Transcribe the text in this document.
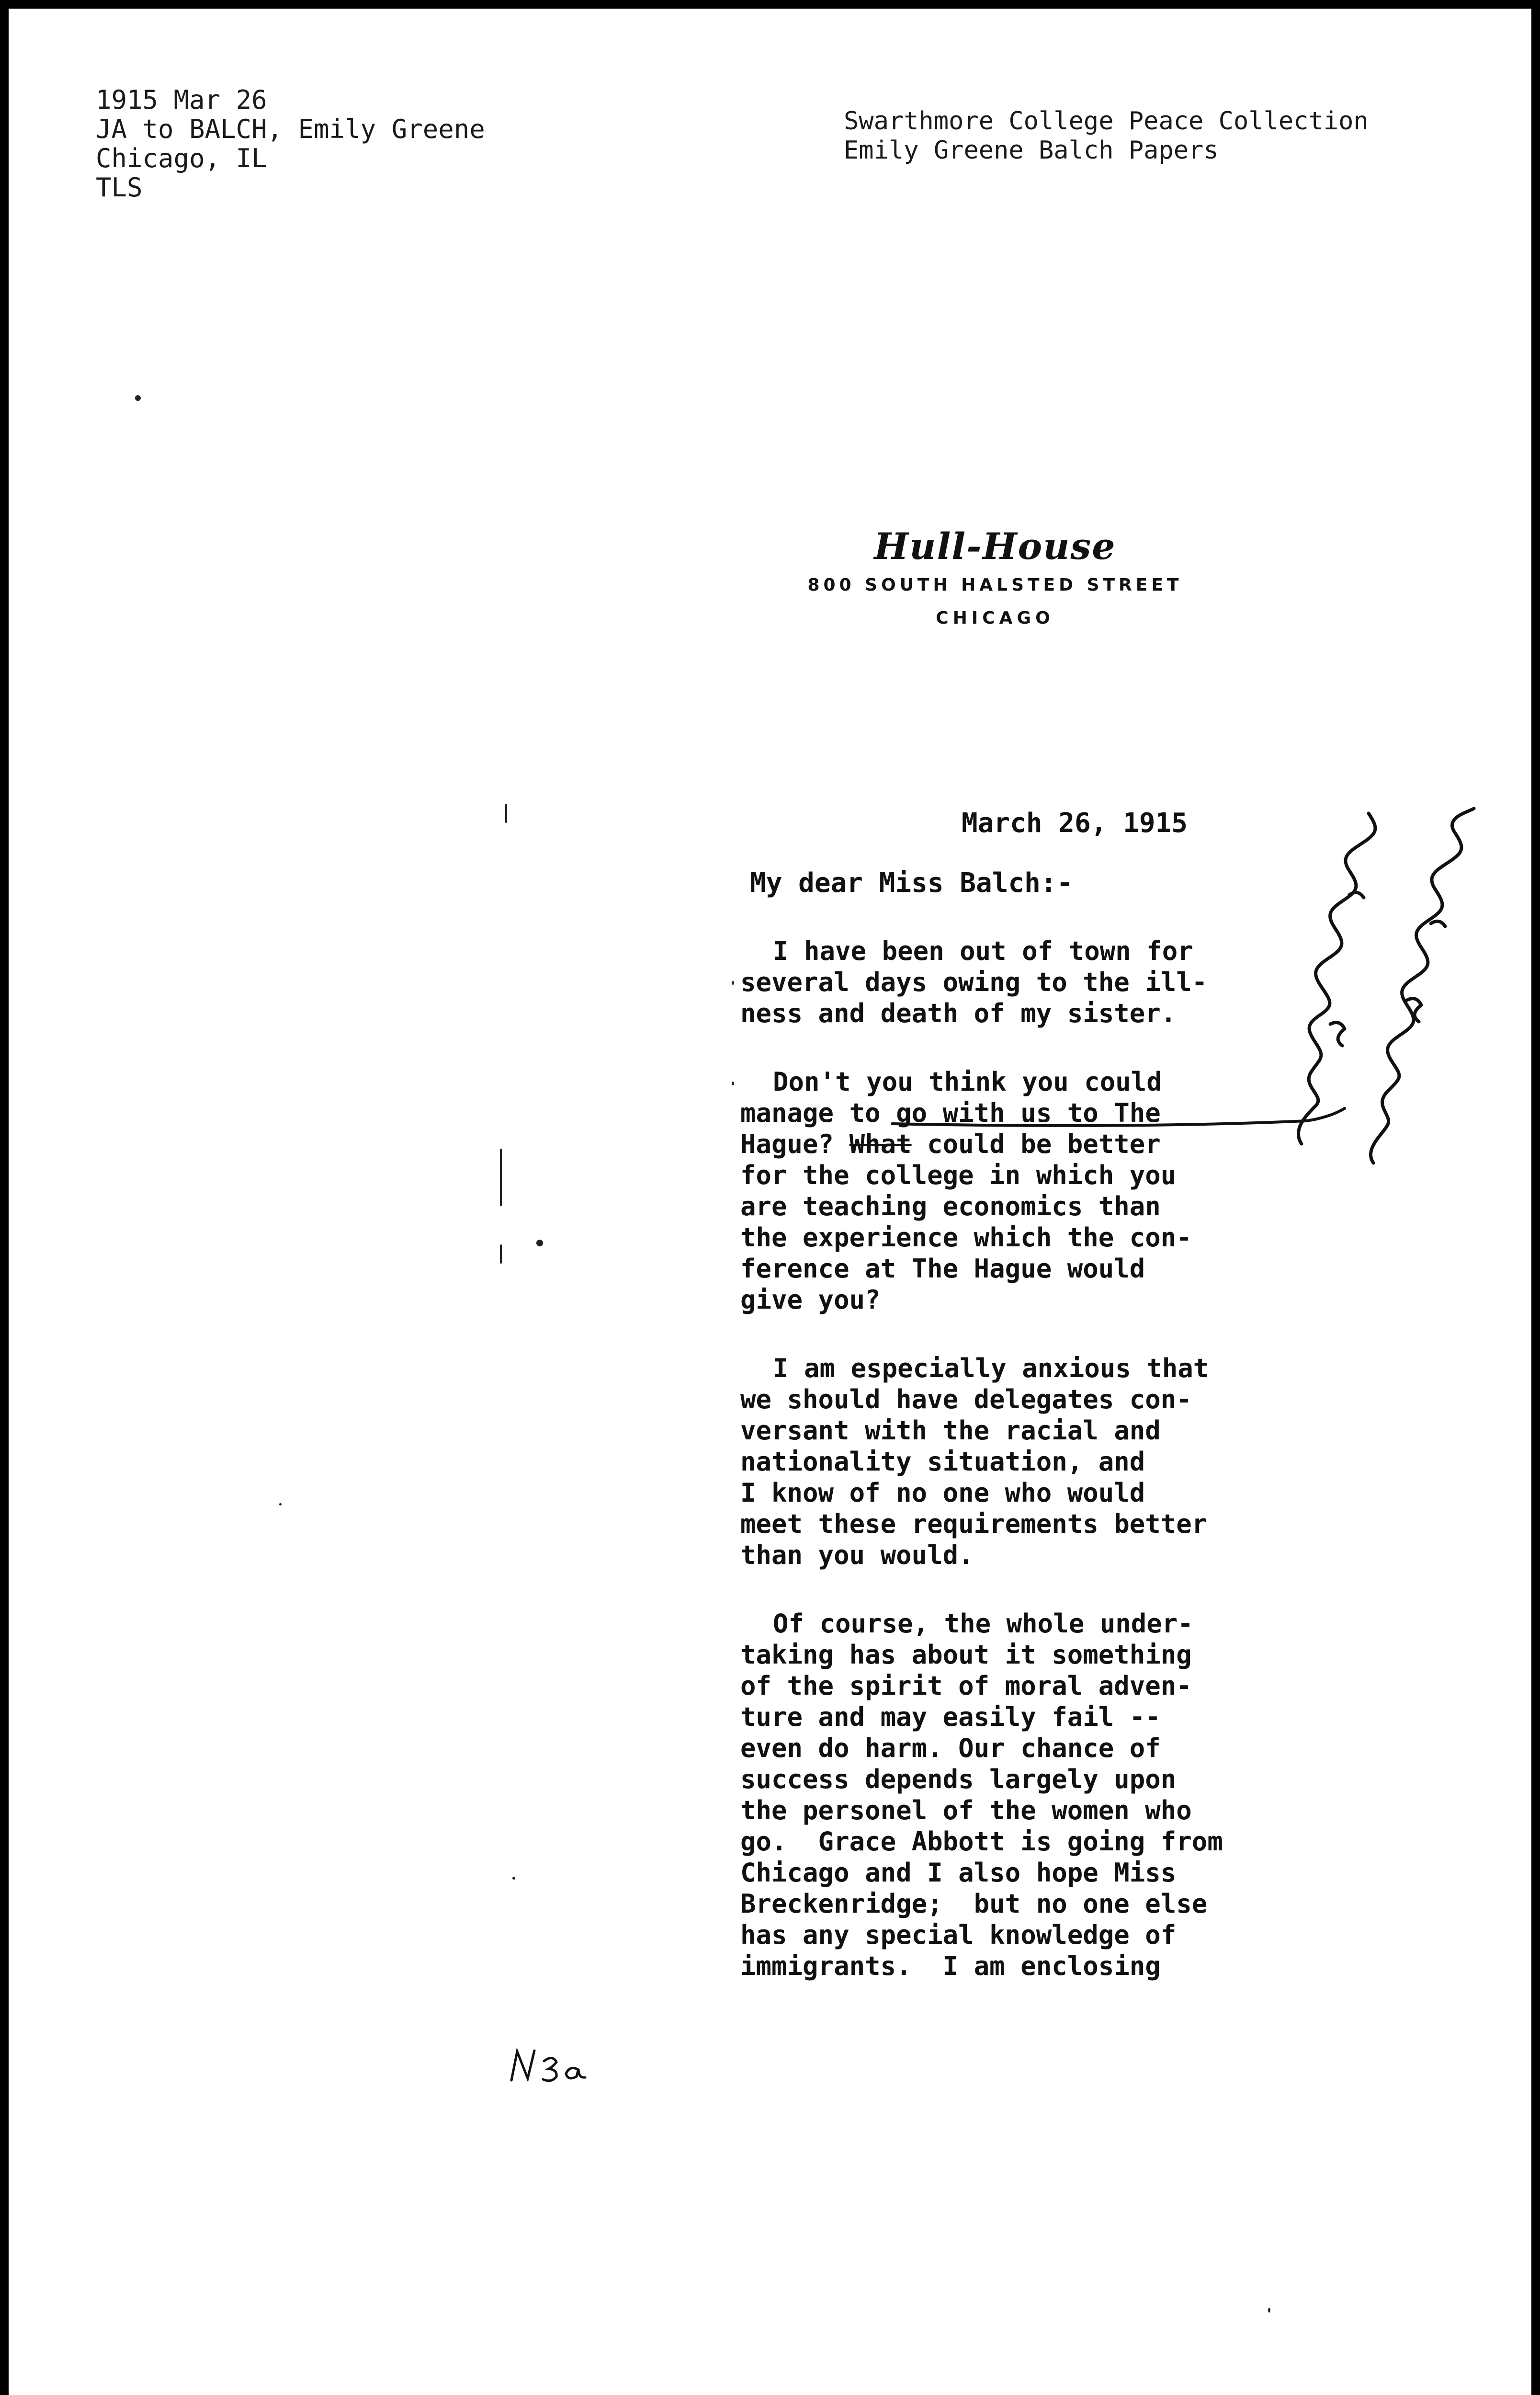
1915 Mar 26
JA to BALCH, Emily Greene
Chicago, IL
TLS
Swarthmore College Peace Collection
Emily Greene Balch Papers
Hull-House
800 SOUTH HALSTED STREET
CHICAGO
March 26, 1915
My dear Miss Balch:-
I have been out of town for
several days owing to the ill-
ness and death of my sister.
Don't you think you could
manage to go with us to The
Hague? What could be better
for the college in which you
are teaching economics than
the experience which the con-
ference at The Hague would
give you?
I am especially anxious that
we should have delegates con-
versant with the racial and
nationality situation, and
I know of no one who would
meet these requirements better
than you would.
Of course, the whole under-
taking has about it something
of the spirit of moral adven-
ture and may easily fail --
even do harm. Our chance of
success depends largely upon
the personel of the women who
go.  Grace Abbott is going from
Chicago and I also hope Miss
Breckenridge;  but no one else
has any special knowledge of
immigrants.  I am enclosing
